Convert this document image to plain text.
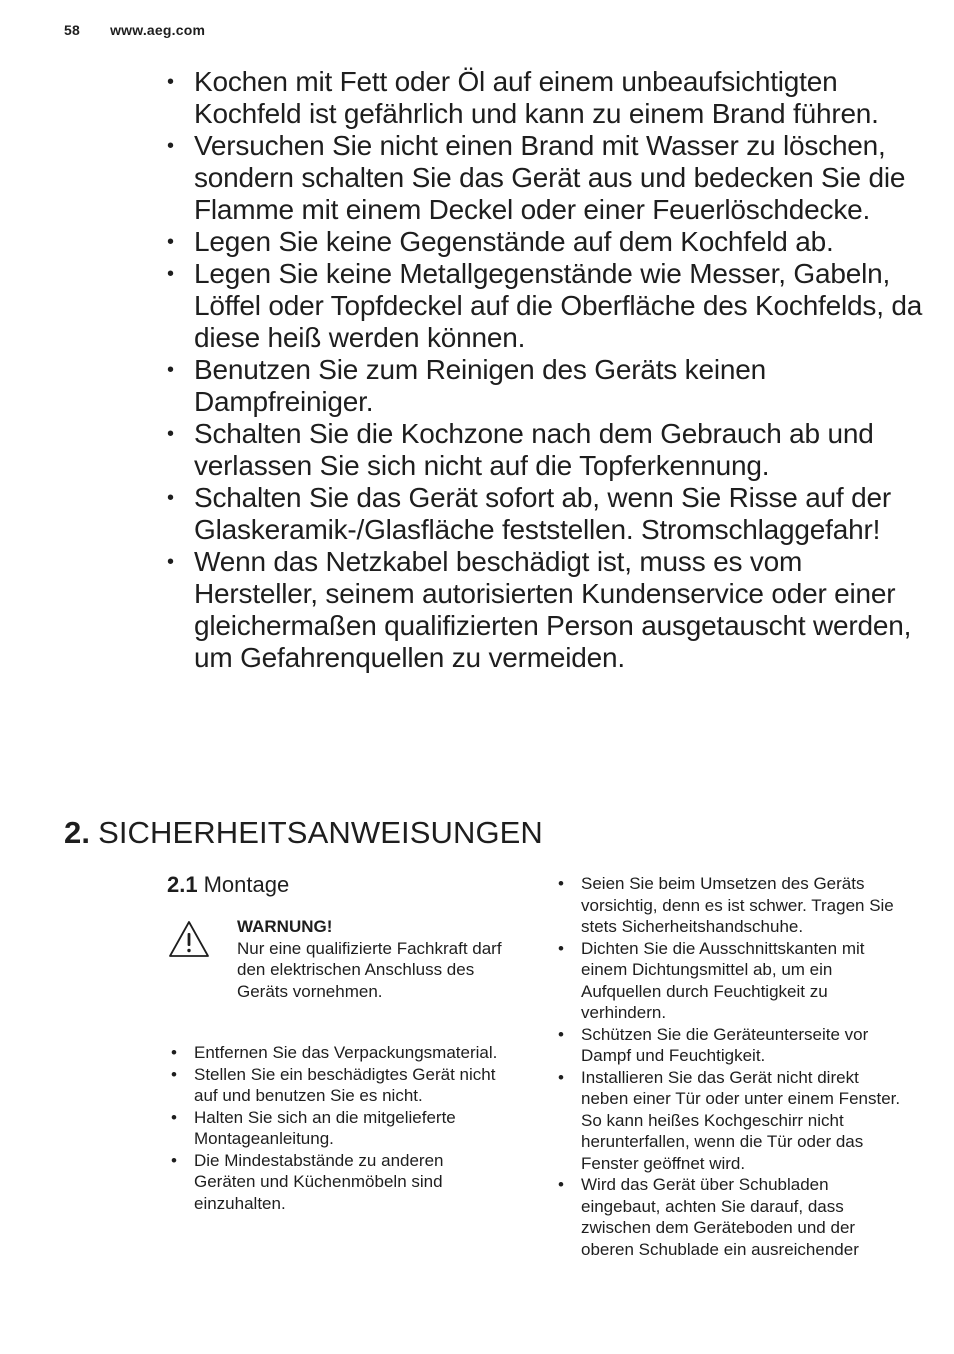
58 www.aeg.com
• Kochen mit Fett oder Öl auf einem unbeaufsichtigten Kochfeld ist gefährlich und kann zu einem Brand führen.
• Versuchen Sie nicht einen Brand mit Wasser zu löschen, sondern schalten Sie das Gerät aus und bedecken Sie die Flamme mit einem Deckel oder einer Feuerlöschdecke.
• Legen Sie keine Gegenstände auf dem Kochfeld ab.
• Legen Sie keine Metallgegenstände wie Messer, Gabeln, Löffel oder Topfdeckel auf die Oberfläche des Kochfelds, da diese heiß werden können.
• Benutzen Sie zum Reinigen des Geräts keinen Dampfreiniger.
• Schalten Sie die Kochzone nach dem Gebrauch ab und verlassen Sie sich nicht auf die Topferkennung.
• Schalten Sie das Gerät sofort ab, wenn Sie Risse auf der Glaskeramik-/Glasfläche feststellen. Stromschlaggefahr!
• Wenn das Netzkabel beschädigt ist, muss es vom Hersteller, seinem autorisierten Kundenservice oder einer gleichermaßen qualifizierten Person ausgetauscht werden, um Gefahrenquellen zu vermeiden.
2. SICHERHEITSANWEISUNGEN
2.1 Montage
WARNUNG!
Nur eine qualifizierte Fachkraft darf den elektrischen Anschluss des Geräts vornehmen.
• Entfernen Sie das Verpackungsmaterial.
• Stellen Sie ein beschädigtes Gerät nicht auf und benutzen Sie es nicht.
• Halten Sie sich an die mitgelieferte Montageanleitung.
• Die Mindestabstände zu anderen Geräten und Küchenmöbeln sind einzuhalten.
• Seien Sie beim Umsetzen des Geräts vorsichtig, denn es ist schwer. Tragen Sie stets Sicherheitshandschuhe.
• Dichten Sie die Ausschnittskanten mit einem Dichtungsmittel ab, um ein Aufquellen durch Feuchtigkeit zu verhindern.
• Schützen Sie die Geräteunterseite vor Dampf und Feuchtigkeit.
• Installieren Sie das Gerät nicht direkt neben einer Tür oder unter einem Fenster. So kann heißes Kochgeschirr nicht herunterfallen, wenn die Tür oder das Fenster geöffnet wird.
• Wird das Gerät über Schubladen eingebaut, achten Sie darauf, dass zwischen dem Geräteboden und der oberen Schublade ein ausreichender
